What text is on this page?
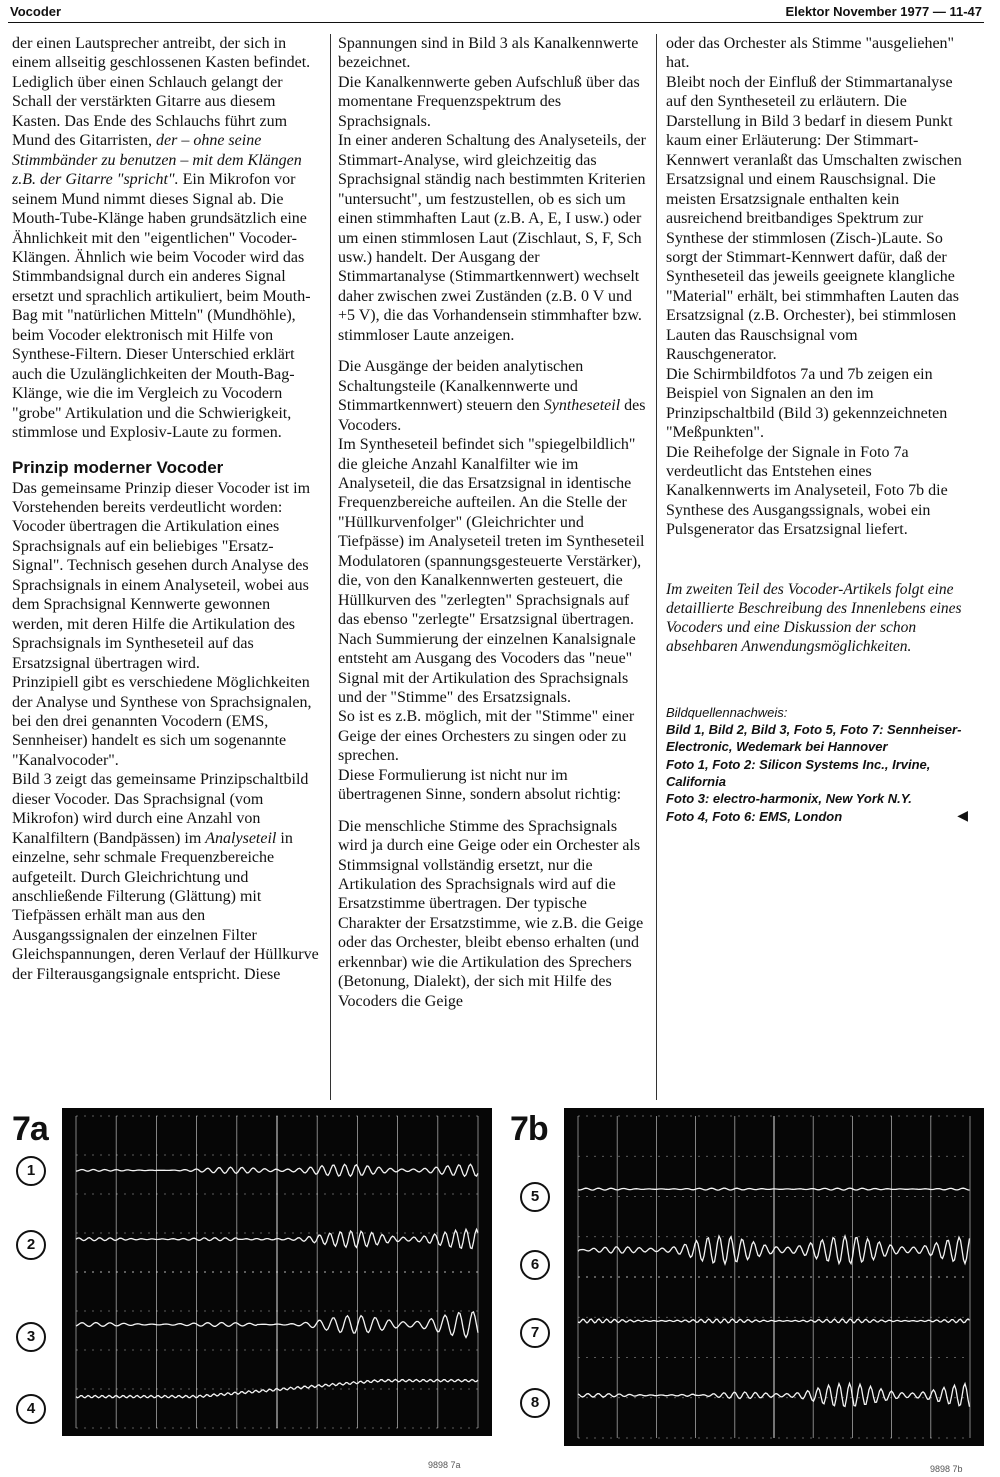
Vocoder	Elektor November 1977 — 11-47

der einen Lautsprecher antreibt, der sich in einem allseitig geschlossenen Kasten befindet. Lediglich über einen Schlauch gelangt der Schall der verstärkten Gitarre aus diesem Kasten. Das Ende des Schlauchs führt zum Mund des Gitarristen, der – ohne seine Stimmbänder zu benutzen – mit dem Klängen z.B. der Gitarre "spricht". Ein Mikrofon vor seinem Mund nimmt dieses Signal ab. Die Mouth-Tube-Klänge haben grundsätzlich eine Ähnlichkeit mit den "eigentlichen" Vocoder-Klängen. Ähnlich wie beim Vocoder wird das Stimmbandsignal durch ein anderes Signal ersetzt und sprachlich artikuliert, beim Mouth-Bag mit "natürlichen Mitteln" (Mundhöhle), beim Vocoder elektronisch mit Hilfe von Synthese-Filtern. Dieser Unterschied erklärt auch die Uzulänglichkeiten der Mouth-Bag-Klänge, wie die im Vergleich zu Vocodern "grobe" Artikulation und die Schwierigkeit, stimmlose und Explosiv-Laute zu formen.

Prinzip moderner Vocoder

Das gemeinsame Prinzip dieser Vocoder ist im Vorstehenden bereits verdeutlicht worden:

Vocoder übertragen die Artikulation eines Sprachsignals auf ein beliebiges "Ersatz-Signal". Technisch gesehen durch Analyse des Sprachsignals in einem Analyseteil, wobei aus dem Sprachsignal Kennwerte gewonnen werden, mit deren Hilfe die Artikulation des Sprachsignals im Syntheseteil auf das Ersatzsignal übertragen wird.

Prinzipiell gibt es verschiedene Möglichkeiten der Analyse und Synthese von Sprachsignalen, bei den drei genannten Vocodern (EMS, Sennheiser) handelt es sich um sogenannte "Kanalvocoder".

Bild 3 zeigt das gemeinsame Prinzipschaltbild dieser Vocoder. Das Sprachsignal (vom Mikrofon) wird durch eine Anzahl von Kanalfiltern (Bandpässen) im Analyseteil in einzelne, sehr schmale Frequenzbereiche aufgeteilt. Durch Gleichrichtung und anschließende Filterung (Glättung) mit Tiefpässen erhält man aus den Ausgangssignalen der einzelnen Filter Gleichspannungen, deren Verlauf der Hüllkurve der Filterausgangsignale entspricht. Diese

Spannungen sind in Bild 3 als Kanalkennwerte bezeichnet.

Die Kanalkennwerte geben Aufschluß über das momentane Frequenzspektrum des Sprachsignals.

In einer anderen Schaltung des Analyseteils, der Stimmart-Analyse, wird gleichzeitig das Sprachsignal ständig nach bestimmten Kriterien "untersucht", um festzustellen, ob es sich um einen stimmhaften Laut (z.B. A, E, I usw.) oder um einen stimmlosen Laut (Zischlaut, S, F, Sch usw.) handelt. Der Ausgang der Stimmartanalyse (Stimmartkennwert) wechselt daher zwischen zwei Zuständen (z.B. 0 V und +5 V), die das Vorhandensein stimmhafter bzw. stimmloser Laute anzeigen.

Die Ausgänge der beiden analytischen Schaltungsteile (Kanalkennwerte und Stimmartkennwert) steuern den Syntheseteil des Vocoders.

Im Syntheseteil befindet sich "spiegelbildlich" die gleiche Anzahl Kanalfilter wie im Analyseteil, die das Ersatzsignal in identische Frequenzbereiche aufteilen. An die Stelle der "Hüllkurvenfolger" (Gleichrichter und Tiefpässe) im Analyseteil treten im Syntheseteil Modulatoren (spannungsgesteuerte Verstärker), die, von den Kanalkennwerten gesteuert, die Hüllkurven des "zerlegten" Sprachsignals auf das ebenso "zerlegte" Ersatzsignal übertragen.

Nach Summierung der einzelnen Kanalsignale entsteht am Ausgang des Vocoders das "neue" Signal mit der Artikulation des Sprachsignals und der "Stimme" des Ersatzsignals.

So ist es z.B. möglich, mit der "Stimme" einer Geige der eines Orchesters zu singen oder zu sprechen.

Diese Formulierung ist nicht nur im übertragenen Sinne, sondern absolut richtig:

Die menschliche Stimme des Sprachsignals wird ja durch eine Geige oder ein Orchester als Stimmsignal vollständig ersetzt, nur die Artikulation des Sprachsignals wird auf die Ersatzstimme übertragen. Der typische Charakter der Ersatzstimme, wie z.B. die Geige oder das Orchester, bleibt ebenso erhalten (und erkennbar) wie die Artikulation des Sprechers (Betonung, Dialekt), der sich mit Hilfe des Vocoders die Geige

oder das Orchester als Stimme "ausgeliehen" hat.

Bleibt noch der Einfluß der Stimmartanalyse auf den Syntheseteil zu erläutern. Die Darstellung in Bild 3 bedarf in diesem Punkt kaum einer Erläuterung: Der Stimmart-Kennwert veranlaßt das Umschalten zwischen Ersatzsignal und einem Rauschsignal. Die meisten Ersatzsignale enthalten kein ausreichend breitbandiges Spektrum zur Synthese der stimmlosen (Zisch-)Laute. So sorgt der Stimmart-Kennwert dafür, daß der Syntheseteil das jeweils geeignete klangliche "Material" erhält, bei stimmhaften Lauten das Ersatzsignal (z.B. Orchester), bei stimmlosen Lauten das Rauschsignal vom Rauschgenerator.

Die Schirmbildfotos 7a und 7b zeigen ein Beispiel von Signalen an den im Prinzipschaltbild (Bild 3) gekennzeichneten "Meßpunkten".

Die Reihefolge der Signale in Foto 7a verdeutlicht das Entstehen eines Kanalkennwerts im Analyseteil, Foto 7b die Synthese des Ausgangssignals, wobei ein Pulsgenerator das Ersatzsignal liefert.

Im zweiten Teil des Vocoder-Artikels folgt eine detaillierte Beschreibung des Innenlebens eines Vocoders und eine Diskussion der schon absehbaren Anwendungsmöglichkeiten.

Bildquellennachweis:
Bild 1, Bild 2, Bild 3, Foto 5, Foto 7: Sennheiser-Electronic, Wedemark bei Hannover
Foto 1, Foto 2: Silicon Systems Inc., Irvine, California
Foto 3: electro-harmonix, New York N.Y.
Foto 4, Foto 6: EMS, London	◀

7a
1
2
3
4
9898 7a
7b
5
6
7
8
9898 7b
